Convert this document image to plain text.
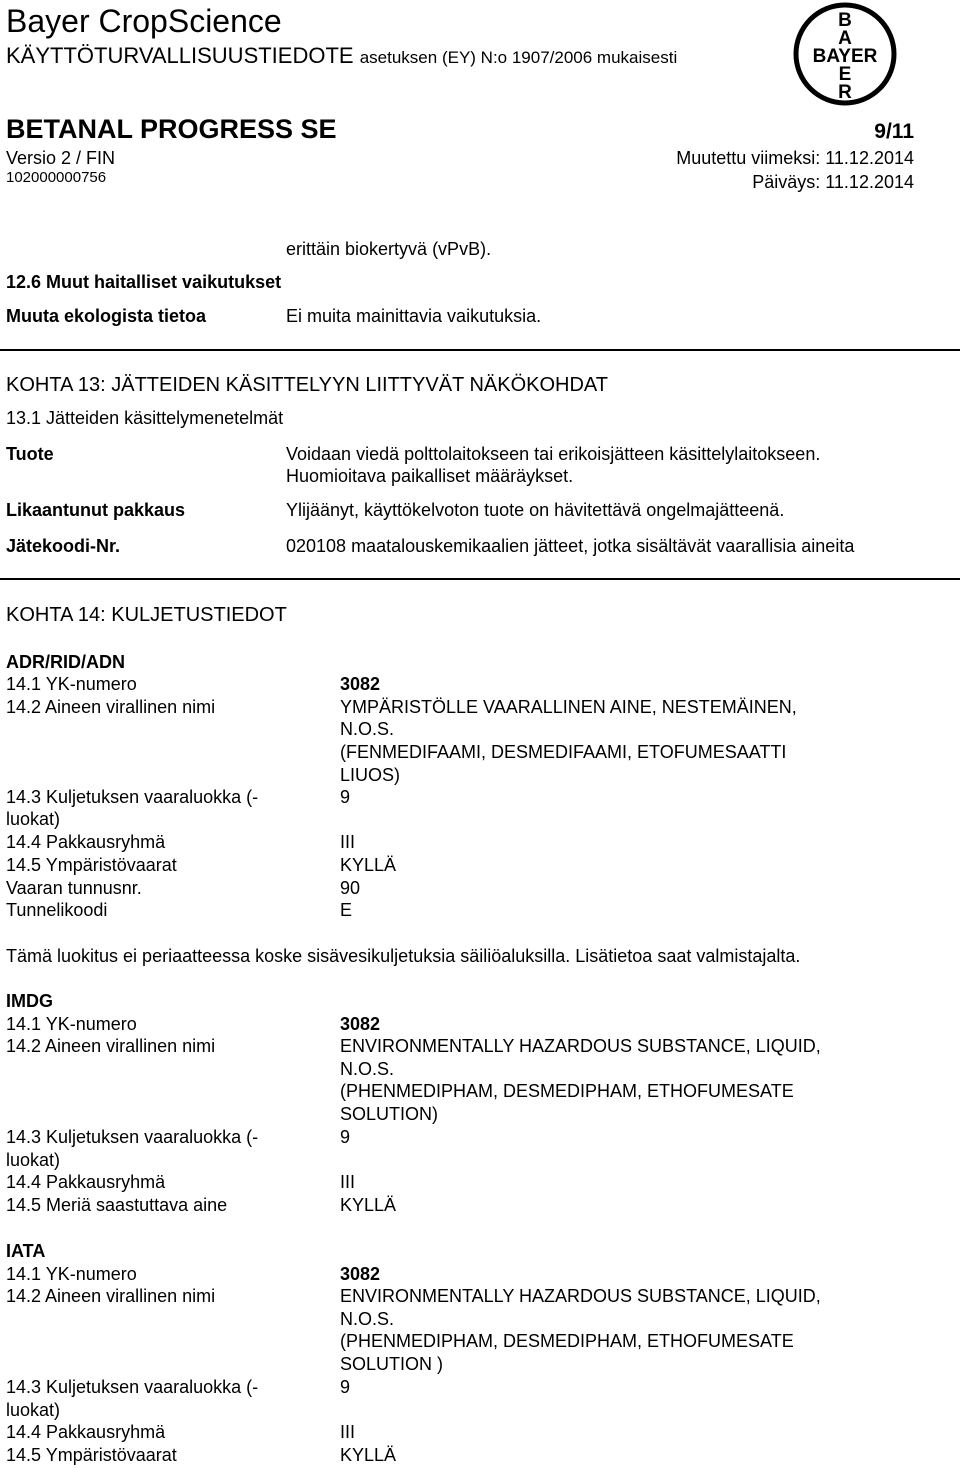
Bayer CropScience
KÄYTTÖTURVALLISUUSTIEDOTE asetuksen (EY) N:o 1907/2006 mukaisesti
B
A
BAYER
E
R
BETANAL PROGRESS SE	9/11
Versio 2 / FIN	Muutettu viimeksi: 11.12.2014
102000000756	Päiväys: 11.12.2014
erittäin biokertyvä (vPvB).
12.6 Muut haitalliset vaikutukset
Muuta ekologista tietoa	Ei muita mainittavia vaikutuksia.
KOHTA 13: JÄTTEIDEN KÄSITTELYYN LIITTYVÄT NÄKÖKOHDAT
13.1 Jätteiden käsittelymenetelmät
Tuote	Voidaan viedä polttolaitokseen tai erikoisjätteen käsittelylaitokseen.
Huomioitava paikalliset määräykset.
Likaantunut pakkaus	Ylijäänyt, käyttökelvoton tuote on hävitettävä ongelmajätteenä.
Jätekoodi-Nr.	020108 maatalouskemikaalien jätteet, jotka sisältävät vaarallisia aineita
KOHTA 14: KULJETUSTIEDOT
ADR/RID/ADN
14.1 YK-numero	3082
14.2 Aineen virallinen nimi	YMPÄRISTÖLLE VAARALLINEN AINE, NESTEMÄINEN,
N.O.S.
(FENMEDIFAAMI, DESMEDIFAAMI, ETOFUMESAATTI
LIUOS)
14.3 Kuljetuksen vaaraluokka (-	9
luokat)
14.4 Pakkausryhmä	III
14.5 Ympäristövaarat	KYLLÄ
Vaaran tunnusnr.	90
Tunnelikoodi	E
Tämä luokitus ei periaatteessa koske sisävesikuljetuksia säiliöaluksilla. Lisätietoa saat valmistajalta.
IMDG
14.1 YK-numero	3082
14.2 Aineen virallinen nimi	ENVIRONMENTALLY HAZARDOUS SUBSTANCE, LIQUID,
N.O.S.
(PHENMEDIPHAM, DESMEDIPHAM, ETHOFUMESATE
SOLUTION)
14.3 Kuljetuksen vaaraluokka (-	9
luokat)
14.4 Pakkausryhmä	III
14.5 Meriä saastuttava aine	KYLLÄ
IATA
14.1 YK-numero	3082
14.2 Aineen virallinen nimi	ENVIRONMENTALLY HAZARDOUS SUBSTANCE, LIQUID,
N.O.S.
(PHENMEDIPHAM, DESMEDIPHAM, ETHOFUMESATE
SOLUTION )
14.3 Kuljetuksen vaaraluokka (-	9
luokat)
14.4 Pakkausryhmä	III
14.5 Ympäristövaarat	KYLLÄ
